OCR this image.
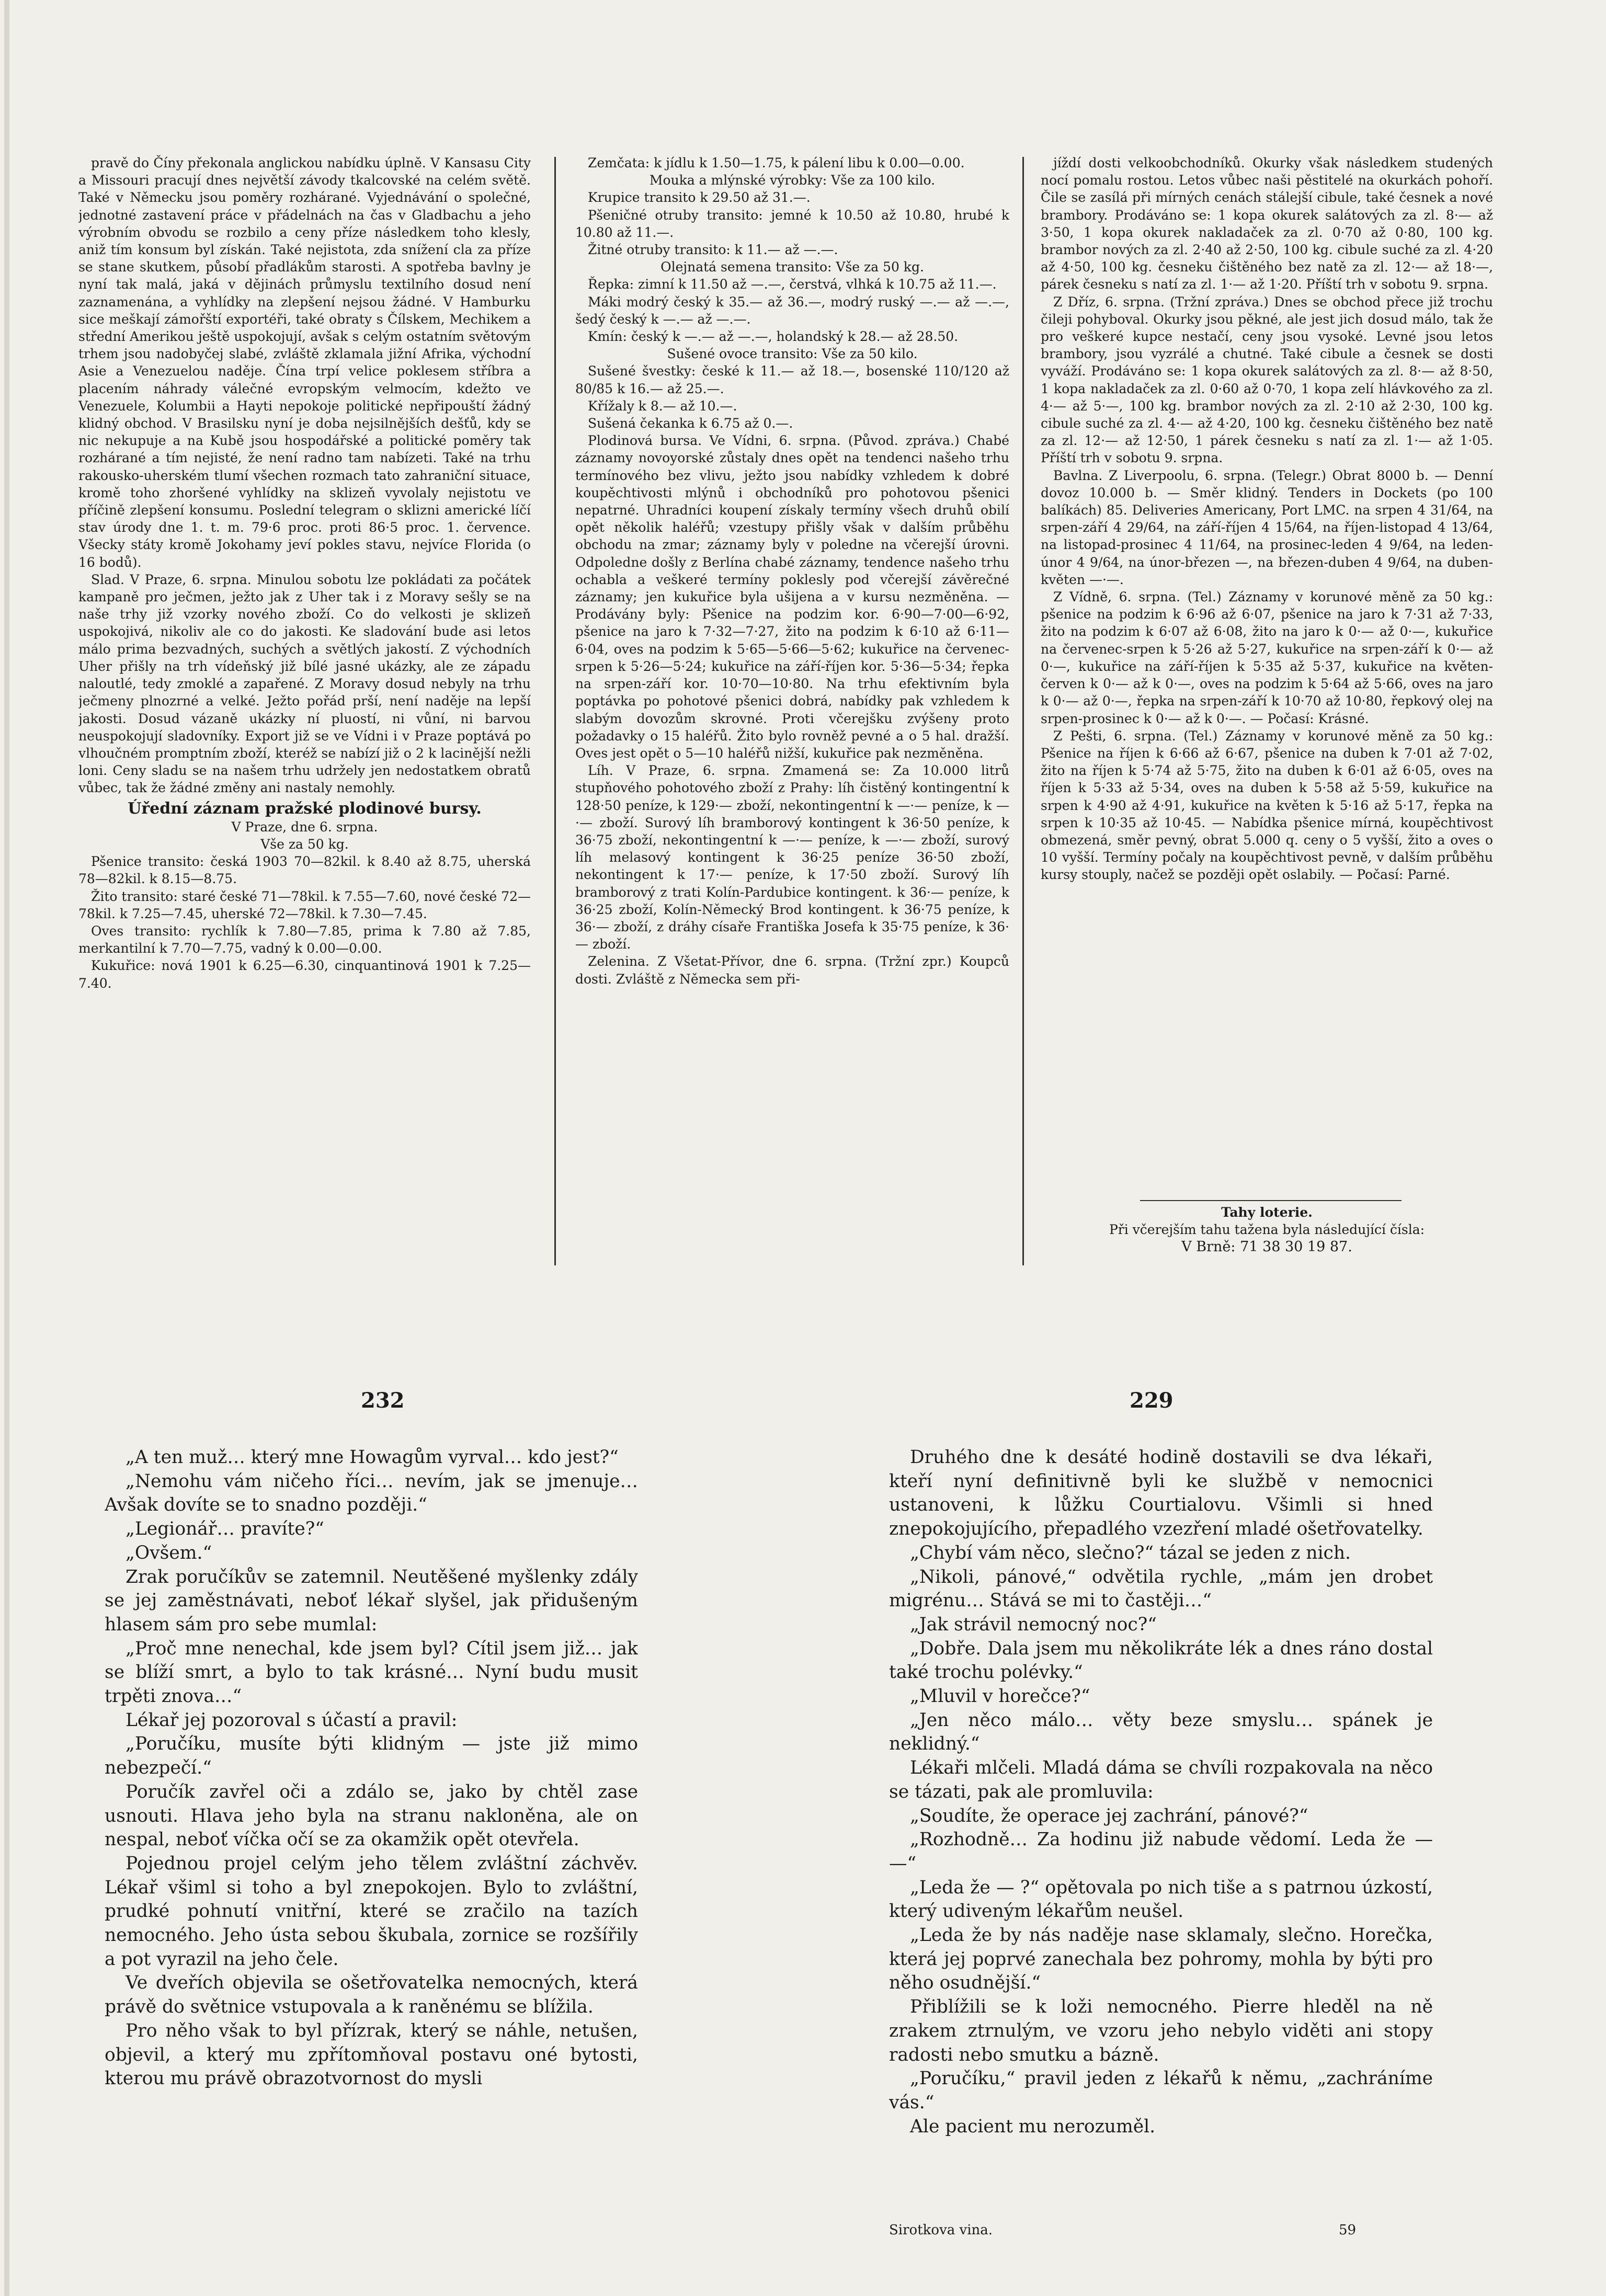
pravě do Číny překonala anglickou nabídku úplně. V Kansasu City a Missouri pracují dnes největší závody tkalcovské na celém světě. Také v Německu jsou poměry rozhárané. Vyjednávání o společné, jednotné zastavení práce v přádelnách na čas v Gladbachu a jeho výrobním obvodu se rozbilo a ceny příze následkem toho klesly, aniž tím konsum byl získán. Také nejistota, zda snížení cla za příze se stane skutkem, působí přadlákům starosti. A spotřeba bavlny je nyní tak malá, jaká v dějinách průmyslu textilního dosud není zaznamenána, a vyhlídky na zlepšení nejsou žádné. V Hamburku sice meškají zámořští exportéři, také obraty s Čílskem, Mechikem a střední Amerikou ještě uspokojují, avšak s celým ostatním světovým trhem jsou nadobyčej slabé, zvláště zklamala jižní Afrika, východní Asie a Venezuelou naděje. Čína trpí velice poklesem stříbra a placením náhrady válečné evropským velmocím, kdežto ve Venezuele, Kolumbii a Hayti nepokoje politické nepřipouští žádný klidný obchod. V Brasilsku nyní je doba nejsilnějších dešťů, kdy se nic nekupuje a na Kubě jsou hospodářské a politické poměry tak rozhárané a tím nejisté, že není radno tam nabízeti. Také na trhu rakousko-uherském tlumí všechen rozmach tato zahraniční situace, kromě toho zhoršené vyhlídky na sklizeň vyvolaly nejistotu ve příčině zlepšení konsumu. Poslední telegram o sklizni americké líčí stav úrody dne 1. t. m. 79·6 proc. proti 86·5 proc. 1. července. Všecky státy kromě Jokohamy jeví pokles stavu, nejvíce Florida (o 16 bodů).

Slad. V Praze, 6. srpna. Minulou sobotu lze pokládati za počátek kampaně pro ječmen, ježto jak z Uher tak i z Moravy sešly se na naše trhy již vzorky nového zboží. Co do velkosti je sklizeň uspokojivá, nikoliv ale co do jakosti. Ke sladování bude asi letos málo prima bezvadných, suchých a světlých jakostí. Z východních Uher přišly na trh vídeňský již bílé jasné ukázky, ale ze západu naloutlé, tedy zmoklé a zapařené. Z Moravy dosud nebyly na trhu ječmeny plnozrné a velké. Ježto pořád prší, není naděje na lepší jakosti. Dosud vázaně ukázky ní pluostí, ni vůní, ni barvou neuspokojují sladovníky. Export již se ve Vídni i v Praze poptává po vlhoučném promptním zboží, kteréž se nabízí již o 2 k lacinější nežli loni. Ceny sladu se na našem trhu udržely jen nedostatkem obratů vůbec, tak že žádné změny ani nastaly nemohly.

Úřední záznam pražské plodinové bursy.

V Praze, dne 6. srpna.

Vše za 50 kg.

Pšenice transito: česká 1903 70—82kil. k 8.40 až 8.75, uherská 78—82kil. k 8.15—8.75.

Žito transito: staré české 71—78kil. k 7.55—7.60, nové české 72—78kil. k 7.25—7.45, uherské 72—78kil. k 7.30—7.45.

Oves transito: rychlík k 7.80—7.85, prima k 7.80 až 7.85, merkantilní k 7.70—7.75, vadný k 0.00—0.00.

Kukuřice: nová 1901 k 6.25—6.30, cinquantinová 1901 k 7.25—7.40.

Zemčata: k jídlu k 1.50—1.75, k pálení libu k 0.00—0.00.

Mouka a mlýnské výrobky: Vše za 100 kilo.

Krupice transito k 29.50 až 31.—.

Pšeničné otruby transito: jemné k 10.50 až 10.80, hrubé k 10.80 až 11.—.

Žitné otruby transito: k 11.— až —.—.

Olejnatá semena transito: Vše za 50 kg.

Řepka: zimní k 11.50 až —.—, čerstvá, vlhká k 10.75 až 11.—.

Máki modrý český k 35.— až 36.—, modrý ruský —.— až —.—, šedý český k —.— až —.—.

Kmín: český k —.— až —.—, holandský k 28.— až 28.50.

Sušené ovoce transito: Vše za 50 kilo.

Sušené švestky: české k 11.— až 18.—, bosenské 110/120 až 80/85 k 16.— až 25.—.

Křížaly k 8.— až 10.—.

Sušená čekanka k 6.75 až 0.—.

Plodinová bursa. Ve Vídni, 6. srpna. (Původ. zpráva.) Chabé záznamy novoyorské zůstaly dnes opět na tendenci našeho trhu termínového bez vlivu, ježto jsou nabídky vzhledem k dobré koupěchtivosti mlýnů i obchodníků pro pohotovou pšenici nepatrné. Uhradníci koupení získaly termíny všech druhů obilí opět několik haléřů; vzestupy přišly však v dalším průběhu obchodu na zmar; záznamy byly v poledne na včerejší úrovni. Odpoledne došly z Berlína chabé záznamy, tendence našeho trhu ochabla a veškeré termíny poklesly pod včerejší závěrečné záznamy; jen kukuřice byla ušijena a v kursu nezměněna. — Prodávány byly: Pšenice na podzim kor. 6·90—7·00—6·92, pšenice na jaro k 7·32—7·27, žito na podzim k 6·10 až 6·11—6·04, oves na podzim k 5·65—5·66—5·62; kukuřice na červenec-srpen k 5·26—5·24; kukuřice na září-říjen kor. 5·36—5·34; řepka na srpen-září kor. 10·70—10·80. Na trhu efektivním byla poptávka po pohotové pšenici dobrá, nabídky pak vzhledem k slabým dovozům skrovné. Proti včerejšku zvýšeny proto požadavky o 15 haléřů. Žito bylo rovněž pevné a o 5 hal. dražší. Oves jest opět o 5—10 haléřů nižší, kukuřice pak nezměněna.

Líh. V Praze, 6. srpna. Zmamená se: Za 10.000 litrů stupňového pohotového zboží z Prahy: líh čistěný kontingentní k 128·50 peníze, k 129·— zboží, nekontingentní k —·— peníze, k —·— zboží. Surový líh bramborový kontingent k 36·50 peníze, k 36·75 zboží, nekontingentní k —·— peníze, k —·— zboží, surový líh melasový kontingent k 36·25 peníze 36·50 zboží, nekontingent k 17·— peníze, k 17·50 zboží. Surový líh bramborový z trati Kolín-Pardubice kontingent. k 36·— peníze, k 36·25 zboží, Kolín-Německý Brod kontingent. k 36·75 peníze, k 36·— zboží, z dráhy císaře Františka Josefa k 35·75 peníze, k 36·— zboží.

Zelenina. Z Všetat-Přívor, dne 6. srpna. (Tržní zpr.) Koupců dosti. Zvláště z Německa sem při-

jíždí dosti velkoobchodníků. Okurky však následkem studených nocí pomalu rostou. Letos vůbec naši pěstitelé na okurkách pohoří. Čile se zasílá při mírných cenách stálejší cibule, také česnek a nové brambory. Prodáváno se: 1 kopa okurek salátových za zl. 8·— až 3·50, 1 kopa okurek nakladaček za zl. 0·70 až 0·80, 100 kg. brambor nových za zl. 2·40 až 2·50, 100 kg. cibule suché za zl. 4·20 až 4·50, 100 kg. česneku čištěného bez natě za zl. 12·— až 18·—, párek česneku s natí za zl. 1·— až 1·20. Příští trh v sobotu 9. srpna.

Z Dříz, 6. srpna. (Tržní zpráva.) Dnes se obchod přece již trochu čileji pohyboval. Okurky jsou pěkné, ale jest jich dosud málo, tak že pro veškeré kupce nestačí, ceny jsou vysoké. Levné jsou letos brambory, jsou vyzrálé a chutné. Také cibule a česnek se dosti vyváží. Prodáváno se: 1 kopa okurek salátových za zl. 8·— až 8·50, 1 kopa nakladaček za zl. 0·60 až 0·70, 1 kopa zelí hlávkového za zl. 4·— až 5·—, 100 kg. brambor nových za zl. 2·10 až 2·30, 100 kg. cibule suché za zl. 4·— až 4·20, 100 kg. česneku čištěného bez natě za zl. 12·— až 12·50, 1 párek česneku s natí za zl. 1·— až 1·05. Příští trh v sobotu 9. srpna.

Bavlna. Z Liverpoolu, 6. srpna. (Telegr.) Obrat 8000 b. — Denní dovoz 10.000 b. — Směr klidný. Tenders in Dockets (po 100 balíkách) 85. Deliveries Americany, Port LMC. na srpen 4 31/64, na srpen-září 4 29/64, na září-říjen 4 15/64, na říjen-listopad 4 13/64, na listopad-prosinec 4 11/64, na prosinec-leden 4 9/64, na leden-únor 4 9/64, na únor-březen —, na březen-duben 4 9/64, na duben-květen —·—.

Z Vídně, 6. srpna. (Tel.) Záznamy v korunové měně za 50 kg.: pšenice na podzim k 6·96 až 6·07, pšenice na jaro k 7·31 až 7·33, žito na podzim k 6·07 až 6·08, žito na jaro k 0·— až 0·—, kukuřice na červenec-srpen k 5·26 až 5·27, kukuřice na srpen-září k 0·— až 0·—, kukuřice na září-říjen k 5·35 až 5·37, kukuřice na květen-červen k 0·— až k 0·—, oves na podzim k 5·64 až 5·66, oves na jaro k 0·— až 0·—, řepka na srpen-září k 10·70 až 10·80, řepkový olej na srpen-prosinec k 0·— až k 0·—. — Počasí: Krásné.

Z Pešti, 6. srpna. (Tel.) Záznamy v korunové měně za 50 kg.: Pšenice na říjen k 6·66 až 6·67, pšenice na duben k 7·01 až 7·02, žito na říjen k 5·74 až 5·75, žito na duben k 6·01 až 6·05, oves na říjen k 5·33 až 5·34, oves na duben k 5·58 až 5·59, kukuřice na srpen k 4·90 až 4·91, kukuřice na květen k 5·16 až 5·17, řepka na srpen k 10·35 až 10·45. — Nabídka pšenice mírná, koupěchtivost obmezená, směr pevný, obrat 5.000 q. ceny o 5 vyšší, žito a oves o 10 vyšší. Termíny počaly na koupěchtivost pevně, v dalším průběhu kursy stouply, načež se později opět oslabily. — Počasí: Parné.

Tahy loterie.

Při včerejším tahu tažena byla následující čísla:

V Brně: 71 38 30 19 87.

232	229

„A ten muž… který mne Howagům vyrval… kdo jest?“

„Nemohu vám ničeho říci… nevím, jak se jmenuje… Avšak dovíte se to snadno později.“

„Legionář… pravíte?“

„Ovšem.“

Zrak poručíkův se zatemnil. Neutěšené myšlenky zdály se jej zaměstnávati, neboť lékař slyšel, jak přidušeným hlasem sám pro sebe mumlal:

„Proč mne nenechal, kde jsem byl? Cítil jsem již… jak se blíží smrt, a bylo to tak krásné… Nyní budu musit trpěti znova…“

Lékař jej pozoroval s účastí a pravil:

„Poručíku, musíte býti klidným — jste již mimo nebezpečí.“

Poručík zavřel oči a zdálo se, jako by chtěl zase usnouti. Hlava jeho byla na stranu nakloněna, ale on nespal, neboť víčka očí se za okamžik opět otevřela.

Pojednou projel celým jeho tělem zvláštní záchvěv. Lékař všiml si toho a byl znepokojen. Bylo to zvláštní, prudké pohnutí vnitřní, které se zračilo na tazích nemocného. Jeho ústa sebou škubala, zornice se rozšířily a pot vyrazil na jeho čele.

Ve dveřích objevila se ošetřovatelka nemocných, která právě do světnice vstupovala a k raněnému se blížila.

Pro něho však to byl přízrak, který se náhle, netušen, objevil, a který mu zpřítomňoval postavu oné bytosti, kterou mu právě obrazotvornost do mysli

Druhého dne k desáté hodině dostavili se dva lékaři, kteří nyní definitivně byli ke službě v nemocnici ustanoveni, k lůžku Courtialovu. Všimli si hned znepokojujícího, přepadlého vzezření mladé ošetřovatelky.

„Chybí vám něco, slečno?“ tázal se jeden z nich.

„Nikoli, pánové,“ odvětila rychle, „mám jen drobet migrénu… Stává se mi to častěji…“

„Jak strávil nemocný noc?“

„Dobře. Dala jsem mu několikráte lék a dnes ráno dostal také trochu polévky.“

„Mluvil v horečce?“

„Jen něco málo… věty beze smyslu… spánek je neklidný.“

Lékaři mlčeli. Mladá dáma se chvíli rozpakovala na něco se tázati, pak ale promluvila:

„Soudíte, že operace jej zachrání, pánové?“

„Rozhodně… Za hodinu již nabude vědomí. Leda že — —“

„Leda že — ?“ opětovala po nich tiše a s patrnou úzkostí, který udiveným lékařům neušel.

„Leda že by nás naděje nase sklamaly, slečno. Horečka, která jej poprvé zanechala bez pohromy, mohla by býti pro něho osudnější.“

Přiblížili se k loži nemocného. Pierre hleděl na ně zrakem ztrnulým, ve vzoru jeho nebylo viděti ani stopy radosti nebo smutku a bázně.

„Poručíku,“ pravil jeden z lékařů k němu, „zachráníme vás.“

Ale pacient mu nerozuměl.

Sirotkova vina.	59
